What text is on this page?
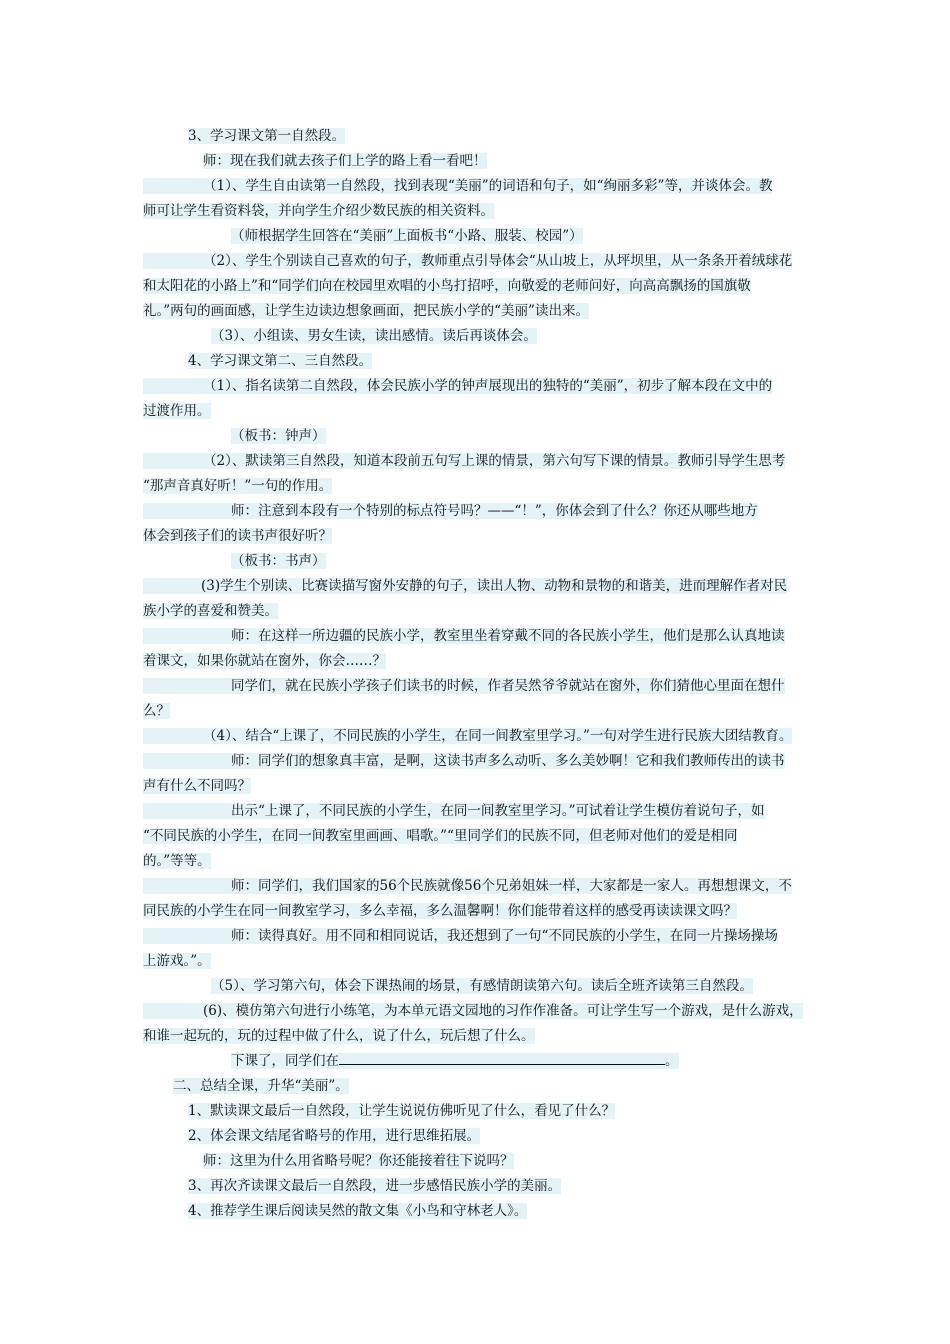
3、学习课文第一自然段。
师：现在我们就去孩子们上学的路上看一看吧！
（1）、学生自由读第一自然段，找到表现“美丽”的词语和句子，如“绚丽多彩”等，并谈体会。教
师可让学生看资料袋，并向学生介绍少数民族的相关资料。
（师根据学生回答在“美丽”上面板书“小路、服装、校园”）
（2）、学生个别读自己喜欢的句子，教师重点引导体会“从山坡上，从坪坝里，从一条条开着绒球花
和太阳花的小路上”和“同学们向在校园里欢唱的小鸟打招呼，向敬爱的老师问好，向高高飘扬的国旗敬
礼。”两句的画面感，让学生边读边想象画面，把民族小学的“美丽”读出来。
（3）、小组读、男女生读，读出感情。读后再谈体会。
4、学习课文第二、三自然段。
（1）、指名读第二自然段，体会民族小学的钟声展现出的独特的“美丽”，初步了解本段在文中的
过渡作用。
（板书：钟声）
（2）、默读第三自然段，知道本段前五句写上课的情景，第六句写下课的情景。教师引导学生思考
“那声音真好听！”一句的作用。
师：注意到本段有一个特别的标点符号吗？——“！”，你体会到了什么？你还从哪些地方
体会到孩子们的读书声很好听？
（板书：书声）
(3)学生个别读、比赛读描写窗外安静的句子，读出人物、动物和景物的和谐美，进而理解作者对民
族小学的喜爱和赞美。
师：在这样一所边疆的民族小学，教室里坐着穿戴不同的各民族小学生，他们是那么认真地读
着课文，如果你就站在窗外，你会……？
同学们，就在民族小学孩子们读书的时候，作者吴然爷爷就站在窗外，你们猜他心里面在想什
么？
（4）、结合“上课了，不同民族的小学生，在同一间教室里学习。”一句对学生进行民族大团结教育。
师：同学们的想象真丰富，是啊，这读书声多么动听、多么美妙啊！它和我们教师传出的读书
声有什么不同吗？
出示“上课了，不同民族的小学生，在同一间教室里学习。”可试着让学生模仿着说句子，如
“不同民族的小学生，在同一间教室里画画、唱歌。”“里同学们的民族不同，但老师对他们的爱是相同
的。”等等。
师：同学们，我们国家的56个民族就像56个兄弟姐妹一样，大家都是一家人。再想想课文，不
同民族的小学生在同一间教室学习，多么幸福，多么温馨啊！你们能带着这样的感受再读读课文吗？
师：读得真好。用不同和相同说话，我还想到了一句“不同民族的小学生，在同一片操场操场
上游戏。”。
（5）、学习第六句，体会下课热闹的场景，有感情朗读第六句。读后全班齐读第三自然段。
(6)、模仿第六句进行小练笔，为本单元语文园地的习作作准备。可让学生写一个游戏，是什么游戏，
和谁一起玩的，玩的过程中做了什么，说了什么，玩后想了什么。
下课了，同学们在	。
二、总结全课，升华“美丽”。
1、默读课文最后一自然段，让学生说说仿佛听见了什么，看见了什么？
2、体会课文结尾省略号的作用，进行思维拓展。
师：这里为什么用省略号呢？你还能接着往下说吗？
3、再次齐读课文最后一自然段，进一步感悟民族小学的美丽。
4、推荐学生课后阅读吴然的散文集《小鸟和守林老人》。
